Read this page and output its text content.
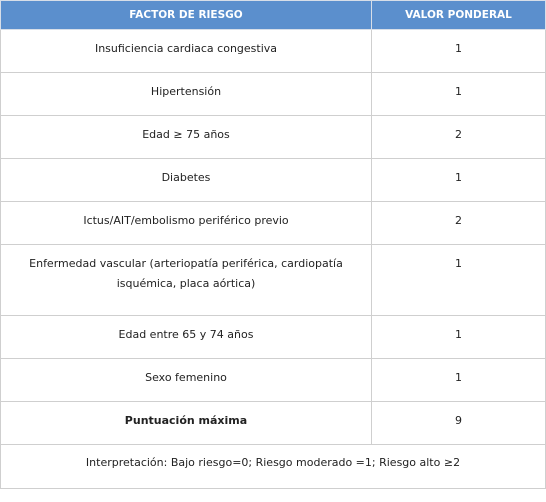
FACTOR DE RIESGO	VALOR PONDERAL
Insuficiencia cardiaca congestiva	1
Hipertensión	1
Edad ≥ 75 años	2
Diabetes	1
Ictus/AIT/embolismo periférico previo	2
Enfermedad vascular (arteriopatía periférica, cardiopatía isquémica, placa aórtica)	1
Edad entre 65 y 74 años	1
Sexo femenino	1
Puntuación máxima	9
Interpretación: Bajo riesgo=0; Riesgo moderado =1; Riesgo alto ≥2	
